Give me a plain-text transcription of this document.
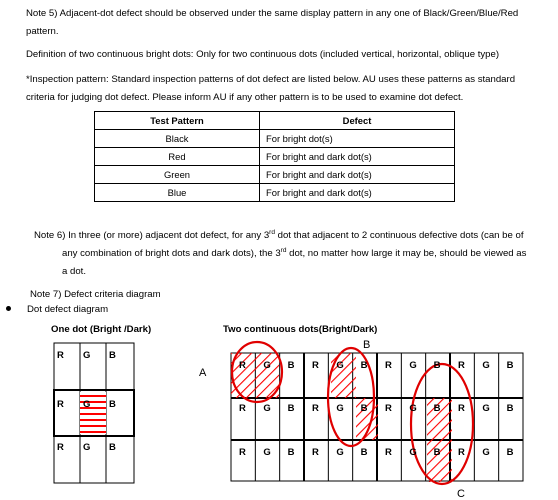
Note 5) Adjacent-dot defect should be observed under the same display pattern in any one of Black/Green/Blue/Red
pattern.
Definition of two continuous bright dots: Only for two continuous dots (included vertical, horizontal, oblique type)
*Inspection pattern: Standard inspection patterns of dot defect are listed below. AU uses these patterns as standard
criteria for judging dot defect. Please inform AU if any other pattern is to be used to examine dot defect.
Test Pattern	Defect
Black	For bright dot(s)
Red	For bright and dark dot(s)
Green	For bright and dark dot(s)
Blue	For bright and dark dot(s)
Note 6) In three (or more) adjacent dot defect, for any 3rd dot that adjacent to 2 continuous defective dots (can be of
any combination of bright dots and dark dots), the 3rd dot, no matter how large it may be, should be viewed as
a dot.
Note 7) Defect criteria diagram
Dot defect diagram
One dot (Bright /Dark)	Two continuous dots(Bright/Dark)
R G B
R G B
R G B
R G B R G B R G B R G B
R G B R G B R G B R G B
R G B R G B R G B R G B
A
B
C
